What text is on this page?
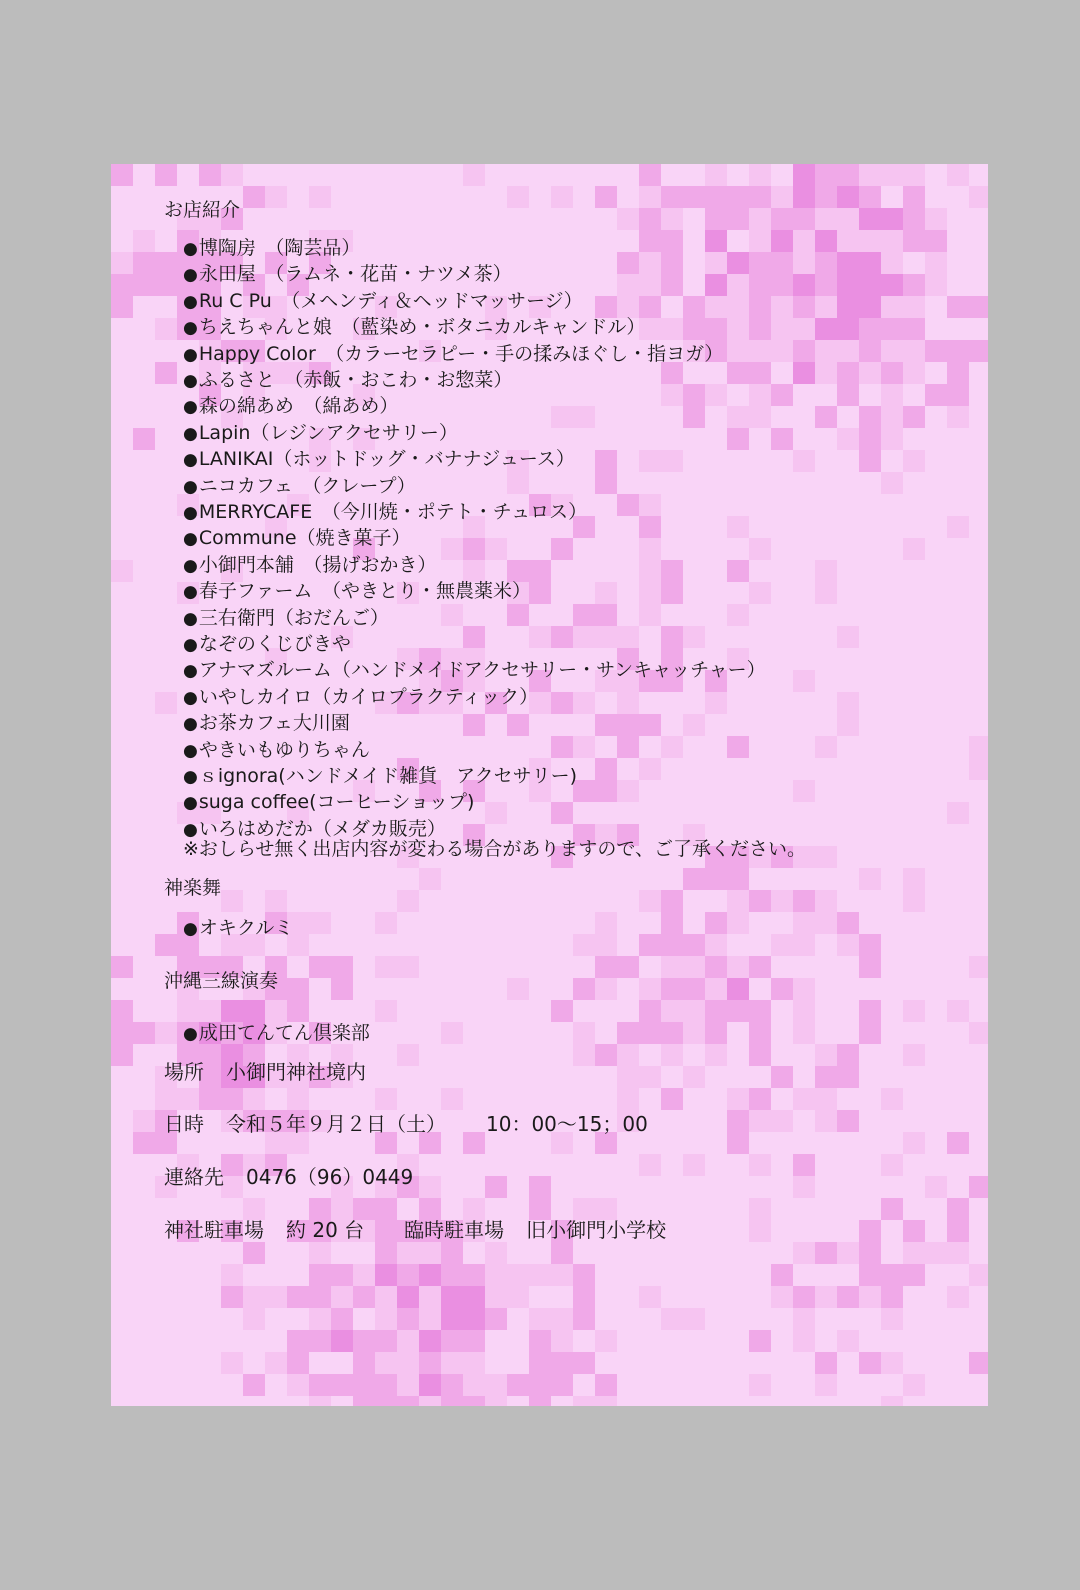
お店紹介
●博陶房　（陶芸品）
●永田屋　（ラムネ・花苗・ナツメ茶）
●Ru C Pu　（メヘンディ＆ヘッドマッサージ）
●ちえちゃんと娘　（藍染め・ボタニカルキャンドル）
●Happy Color　（カラーセラピー・手の揉みほぐし・指ヨガ）
●ふるさと　（赤飯・おこわ・お惣菜）
●森の綿あめ　（綿あめ）
●Lapin（レジンアクセサリー）
●LANIKAI（ホットドッグ・バナナジュース）
●ニコカフェ　（クレープ）
●MERRYCAFE　（今川焼・ポテト・チュロス）
●Commune（焼き菓子）
●小御門本舗　（揚げおかき）
●春子ファーム　（やきとり・無農薬米）
●三右衛門（おだんご）
●なぞのくじびきや
●アナマズルーム（ハンドメイドアクセサリー・サンキャッチャー）
●いやしカイロ（カイロプラクティック）
●お茶カフェ大川園
●やきいもゆりちゃん
●ｓignora(ハンドメイド雑貨　アクセサリー)
●suga coffee(コーヒーショップ)
●いろはめだか（メダカ販売）
※おしらせ無く出店内容が変わる場合がありますので、ご了承ください。
神楽舞
●オキクルミ
沖縄三線演奏
●成田てんてん倶楽部
場所 小御門神社境内
日時 令和５年９月２日（土） 10：00～15；00
連絡先 0476（96）0449
神社駐車場 約 20 台 臨時駐車場 旧小御門小学校
